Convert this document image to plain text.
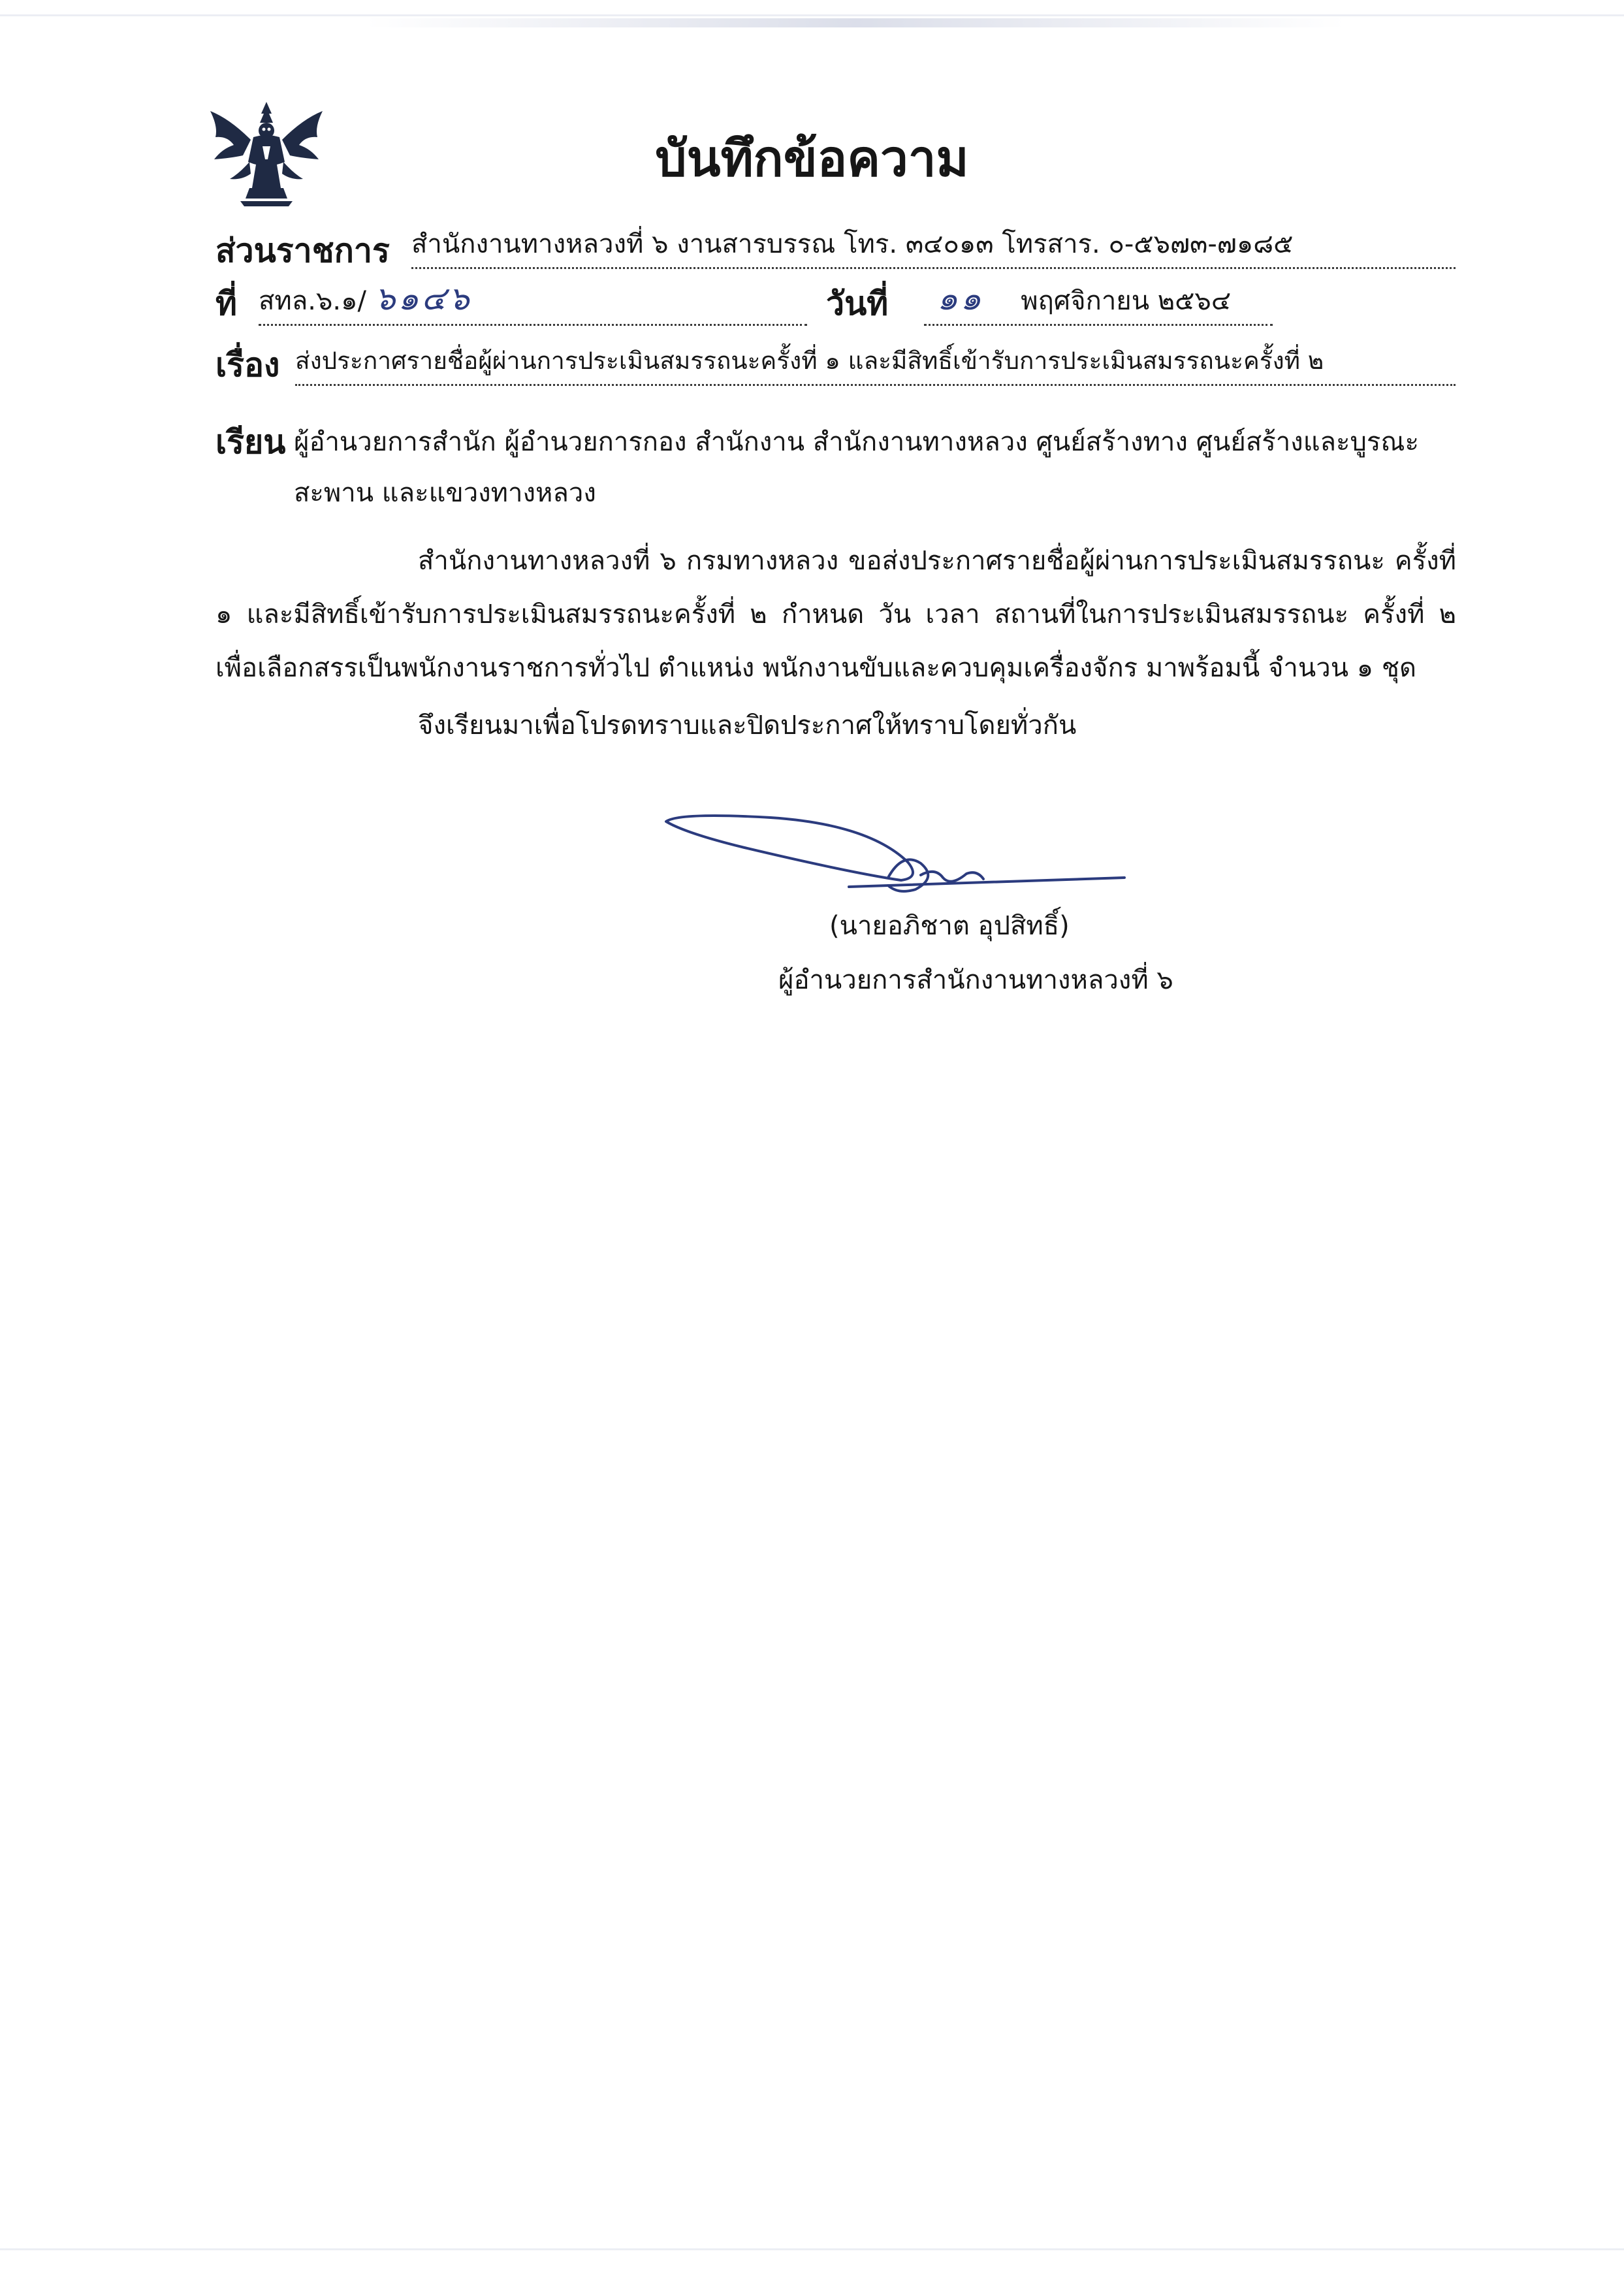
บันทึกข้อความ
ส่วนราชการ สำนักงานทางหลวงที่ ๖ งานสารบรรณ โทร. ๓๔๐๑๓ โทรสาร. ๐-๕๖๗๓-๗๑๘๕
ที่ สทล.๖.๑/ ๖๑๔๖	วันที่	๑๑ พฤศจิกายน ๒๕๖๔
เรื่อง ส่งประกาศรายชื่อผู้ผ่านการประเมินสมรรถนะครั้งที่ ๑ และมีสิทธิ์เข้ารับการประเมินสมรรถนะครั้งที่ ๒
เรียน ผู้อำนวยการสำนัก ผู้อำนวยการกอง สำนักงาน สำนักงานทางหลวง ศูนย์สร้างทาง ศูนย์สร้างและบูรณะสะพาน และแขวงทางหลวง
สำนักงานทางหลวงที่ ๖ กรมทางหลวง ขอส่งประกาศรายชื่อผู้ผ่านการประเมินสมรรถนะ ครั้งที่ ๑ และมีสิทธิ์เข้ารับการประเมินสมรรถนะครั้งที่ ๒ กำหนด วัน เวลา สถานที่ในการประเมินสมรรถนะ ครั้งที่ ๒ เพื่อเลือกสรรเป็นพนักงานราชการทั่วไป ตำแหน่ง พนักงานขับและควบคุมเครื่องจักร มาพร้อมนี้ จำนวน ๑ ชุด
จึงเรียนมาเพื่อโปรดทราบและปิดประกาศให้ทราบโดยทั่วกัน
(นายอภิชาต อุปสิทธิ์)
ผู้อำนวยการสำนักงานทางหลวงที่ ๖
